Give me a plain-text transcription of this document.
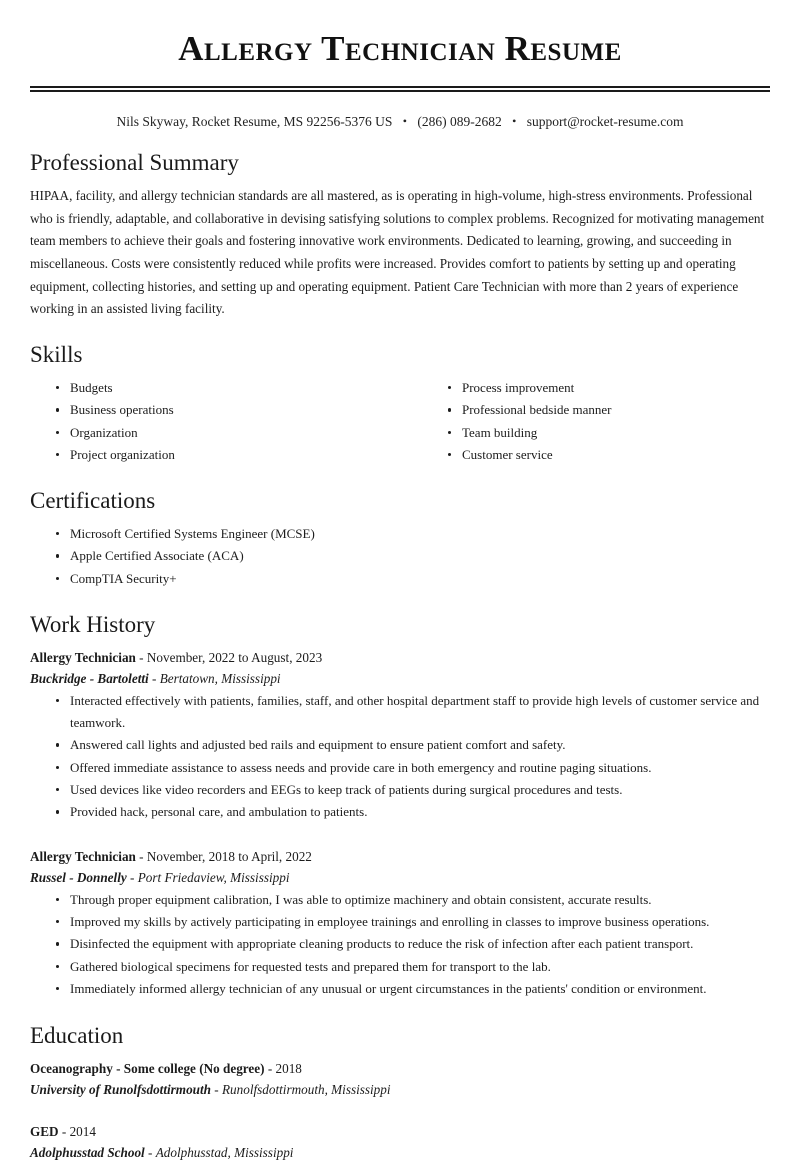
Allergy Technician Resume
Nils Skyway, Rocket Resume, MS 92256-5376 US • (286) 089-2682 • support@rocket-resume.com
Professional Summary

HIPAA, facility, and allergy technician standards are all mastered, as is operating in high-volume, high-stress environments. Professional who is friendly, adaptable, and collaborative in devising satisfying solutions to complex problems. Recognized for motivating management team members to achieve their goals and fostering innovative work environments. Dedicated to learning, growing, and succeeding in miscellaneous. Costs were consistently reduced while profits were increased. Provides comfort to patients by setting up and operating equipment, collecting histories, and setting up and operating equipment. Patient Care Technician with more than 2 years of experience working in an assisted living facility.

Skills
Budgets
Business operations
Organization
Project organization
Process improvement
Professional bedside manner
Team building
Customer service
Certifications
Microsoft Certified Systems Engineer (MCSE)
Apple Certified Associate (ACA)
CompTIA Security+
Work History
Allergy Technician - November, 2022 to August, 2023
Buckridge - Bartoletti - Bertatown, Mississippi
Interacted effectively with patients, families, staff, and other hospital department staff to provide high levels of customer service and teamwork.
Answered call lights and adjusted bed rails and equipment to ensure patient comfort and safety.
Offered immediate assistance to assess needs and provide care in both emergency and routine paging situations.
Used devices like video recorders and EEGs to keep track of patients during surgical procedures and tests.
Provided hack, personal care, and ambulation to patients.
Allergy Technician - November, 2018 to April, 2022
Russel - Donnelly - Port Friedaview, Mississippi
Through proper equipment calibration, I was able to optimize machinery and obtain consistent, accurate results.
Improved my skills by actively participating in employee trainings and enrolling in classes to improve business operations.
Disinfected the equipment with appropriate cleaning products to reduce the risk of infection after each patient transport.
Gathered biological specimens for requested tests and prepared them for transport to the lab.
Immediately informed allergy technician of any unusual or urgent circumstances in the patients' condition or environment.
Education
Oceanography - Some college (No degree) - 2018
University of Runolfsdottirmouth - Runolfsdottirmouth, Mississippi
GED - 2014
Adolphusstad School - Adolphusstad, Mississippi
